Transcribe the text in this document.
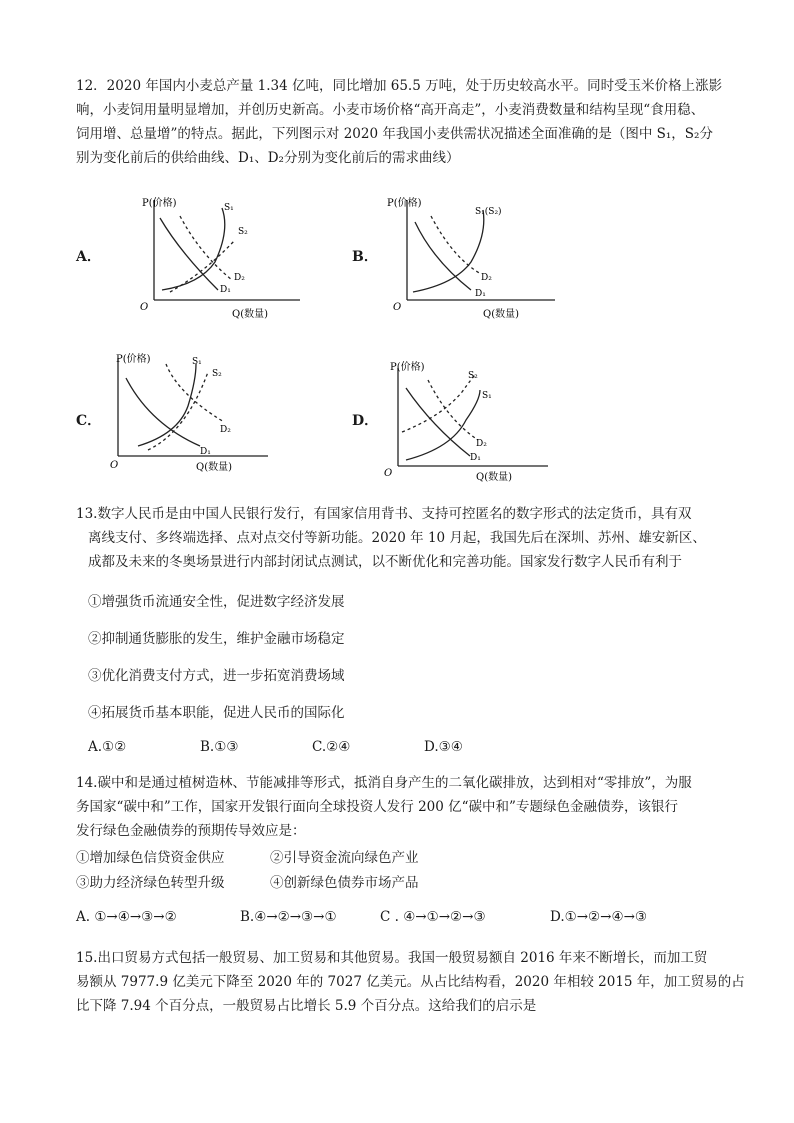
12．2020 年国内小麦总产量 1.34 亿吨，同比增加 65.5 万吨，处于历史较高水平。同时受玉米价格上涨影
响，小麦饲用量明显增加，并创历史新高。小麦市场价格“高开高走”，小麦消费数量和结构呈现“食用稳、
饲用增、总量增”的特点。据此，下列图示对 2020 年我国小麦供需状况描述全面准确的是（图中 S₁，S₂分
别为变化前后的供给曲线、D₁、D₂分别为变化前后的需求曲线）
A．
P(价格)
O
Q(数量)
S₁
S₂
D₂
D₁
B．
P(价格)
O
Q(数量)
S₁(S₂)
D₂
D₁
C．
P(价格)
O	Q(数量)
S₁
S₂
D₂
D₁
D．
P(价格)
O	Q(数量)
S₂
S₁
D₂
D₁
13.数字人民币是由中国人民银行发行，有国家信用背书、支持可控匿名的数字形式的法定货币，具有双
离线支付、多终端选择、点对点交付等新功能。2020 年 10 月起，我国先后在深圳、苏州、雄安新区、
成都及未来的冬奥场景进行内部封闭试点测试，以不断优化和完善功能。国家发行数字人民币有利于
①增强货币流通安全性，促进数字经济发展
②抑制通货膨胀的发生，维护金融市场稳定
③优化消费支付方式，进一步拓宽消费场域
④拓展货币基本职能，促进人民币的国际化
A.①②	B.①③	C.②④	D.③④
14.碳中和是通过植树造林、节能减排等形式，抵消自身产生的二氧化碳排放，达到相对“零排放”，为服
务国家“碳中和”工作，国家开发银行面向全球投资人发行 200 亿“碳中和”专题绿色金融债券，该银行
发行绿色金融债券的预期传导效应是：
①增加绿色信贷资金供应	②引导资金流向绿色产业
③助力经济绿色转型升级	④创新绿色债券市场产品
A. ①→④→③→②	B.④→②→③→①	C . ④→①→②→③	D.①→②→④→③
15.出口贸易方式包括一般贸易、加工贸易和其他贸易。我国一般贸易额自 2016 年来不断增长，而加工贸
易额从 7977.9 亿美元下降至 2020 年的 7027 亿美元。从占比结构看，2020 年相较 2015 年，加工贸易的占
比下降 7.94 个百分点，一般贸易占比增长 5.9 个百分点。这给我们的启示是
